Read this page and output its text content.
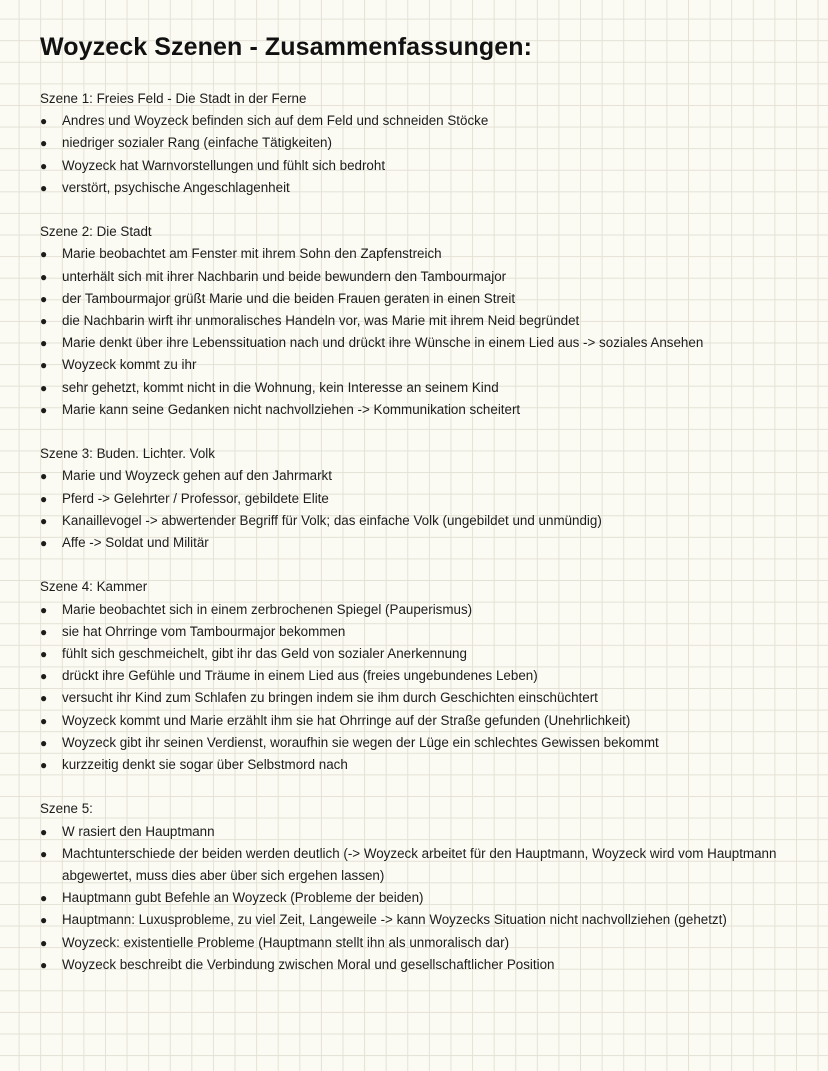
Woyzeck Szenen - Zusammenfassungen:
Szene 1: Freies Feld - Die Stadt in der Ferne
● Andres und Woyzeck befinden sich auf dem Feld und schneiden Stöcke
● niedriger sozialer Rang (einfache Tätigkeiten)
● Woyzeck hat Warnvorstellungen und fühlt sich bedroht
● verstört, psychische Angeschlagenheit
Szene 2: Die Stadt
● Marie beobachtet am Fenster mit ihrem Sohn den Zapfenstreich
● unterhält sich mit ihrer Nachbarin und beide bewundern den Tambourmajor
● der Tambourmajor grüßt Marie und die beiden Frauen geraten in einen Streit
● die Nachbarin wirft ihr unmoralisches Handeln vor, was Marie mit ihrem Neid begründet
● Marie denkt über ihre Lebenssituation nach und drückt ihre Wünsche in einem Lied aus -> soziales Ansehen
● Woyzeck kommt zu ihr
● sehr gehetzt, kommt nicht in die Wohnung, kein Interesse an seinem Kind
● Marie kann seine Gedanken nicht nachvollziehen -> Kommunikation scheitert
Szene 3: Buden. Lichter. Volk
● Marie und Woyzeck gehen auf den Jahrmarkt
● Pferd -> Gelehrter / Professor, gebildete Elite
● Kanaillevogel -> abwertender Begriff für Volk; das einfache Volk (ungebildet und unmündig)
● Affe -> Soldat und Militär
Szene 4: Kammer
● Marie beobachtet sich in einem zerbrochenen Spiegel (Pauperismus)
● sie hat Ohrringe vom Tambourmajor bekommen
● fühlt sich geschmeichelt, gibt ihr das Geld von sozialer Anerkennung
● drückt ihre Gefühle und Träume in einem Lied aus (freies ungebundenes Leben)
● versucht ihr Kind zum Schlafen zu bringen indem sie ihm durch Geschichten einschüchtert
● Woyzeck kommt und Marie erzählt ihm sie hat Ohrringe auf der Straße gefunden (Unehrlichkeit)
● Woyzeck gibt ihr seinen Verdienst, woraufhin sie wegen der Lüge ein schlechtes Gewissen bekommt
● kurzzeitig denkt sie sogar über Selbstmord nach
Szene 5:
● W rasiert den Hauptmann
● Machtunterschiede der beiden werden deutlich (-> Woyzeck arbeitet für den Hauptmann, Woyzeck wird vom Hauptmann abgewertet, muss dies aber über sich ergehen lassen)
● Hauptmann gubt Befehle an Woyzeck (Probleme der beiden)
● Hauptmann: Luxusprobleme, zu viel Zeit, Langeweile -> kann Woyzecks Situation nicht nachvollziehen (gehetzt)
● Woyzeck: existentielle Probleme (Hauptmann stellt ihn als unmoralisch dar)
● Woyzeck beschreibt die Verbindung zwischen Moral und gesellschaftlicher Position
